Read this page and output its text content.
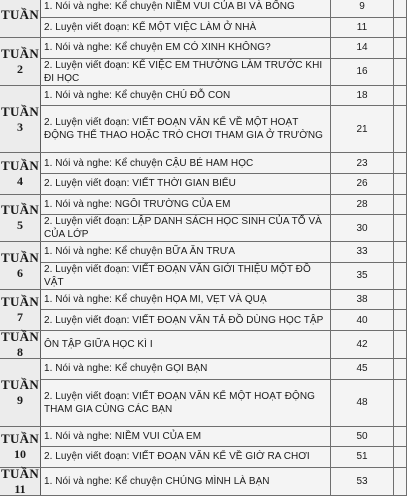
TUẦN	1. Nói và nghe: Kể chuyện NIỀM VUI CỦA BI VÀ BỐNG	9	
	2. Luyện viết đoạn: KỂ MỘT VIỆC LÀM Ở NHÀ	11	

TUẦN
2	1. Nói và nghe: Kể chuyện EM CÓ XINH KHÔNG?	14	
	2. Luyện viết đoạn: KỂ VIỆC EM THƯỜNG LÀM TRƯỚC KHI ĐI HỌC	16	

TUẦN
3	1. Nói và nghe: Kể chuyện CHÚ ĐỖ CON	18	
	2. Luyện viết đoạn: VIẾT ĐOẠN VĂN KỂ VỀ MỘT HOẠT ĐỘNG THỂ THAO HOẶC TRÒ CHƠI THAM GIA Ở TRƯỜNG	21	

TUẦN
4	1. Nói và nghe: Kể chuyện CẬU BÉ HAM HỌC	23	
	2. Luyện viết đoạn: VIẾT THỜI GIAN BIỂU	26	

TUẦN
5	1. Nói và nghe: NGÔI TRƯỜNG CỦA EM	28	
	2. Luyện viết đoạn: LẬP DANH SÁCH HỌC SINH CỦA TỔ VÀ CỦA LỚP	30	

TUẦN
6	1. Nói và nghe: Kể chuyện BỮA ĂN TRƯA	33	
	2. Luyện viết đoạn: VIẾT ĐOẠN VĂN GIỚI THIỆU MỘT ĐỒ VẬT	35	

TUẦN
7	1. Nói và nghe: Kể chuyện HỌA MI, VẸT VÀ QUẠ	38	
	2. Luyện viết đoạn: VIẾT ĐOẠN VĂN TẢ ĐỒ DÙNG HỌC TẬP	40	

TUẦN
8	ÔN TẬP GIỮA HỌC KÌ I	42	

TUẦN
9	1. Nói và nghe: Kể chuyện GỌI BẠN	45	
	2. Luyện viết đoạn: VIẾT ĐOẠN VĂN KỂ MỘT HOẠT ĐỘNG THAM GIA CÙNG CÁC BẠN	48	

TUẦN
10	1. Nói và nghe: NIỀM VUI CỦA EM	50	
	2. Luyện viết đoạn: VIẾT ĐOẠN VĂN KỂ VỀ GIỜ RA CHƠI	51	

TUẦN
11	1. Nói và nghe: Kể chuyện CHÚNG MÌNH LÀ BẠN	53	
